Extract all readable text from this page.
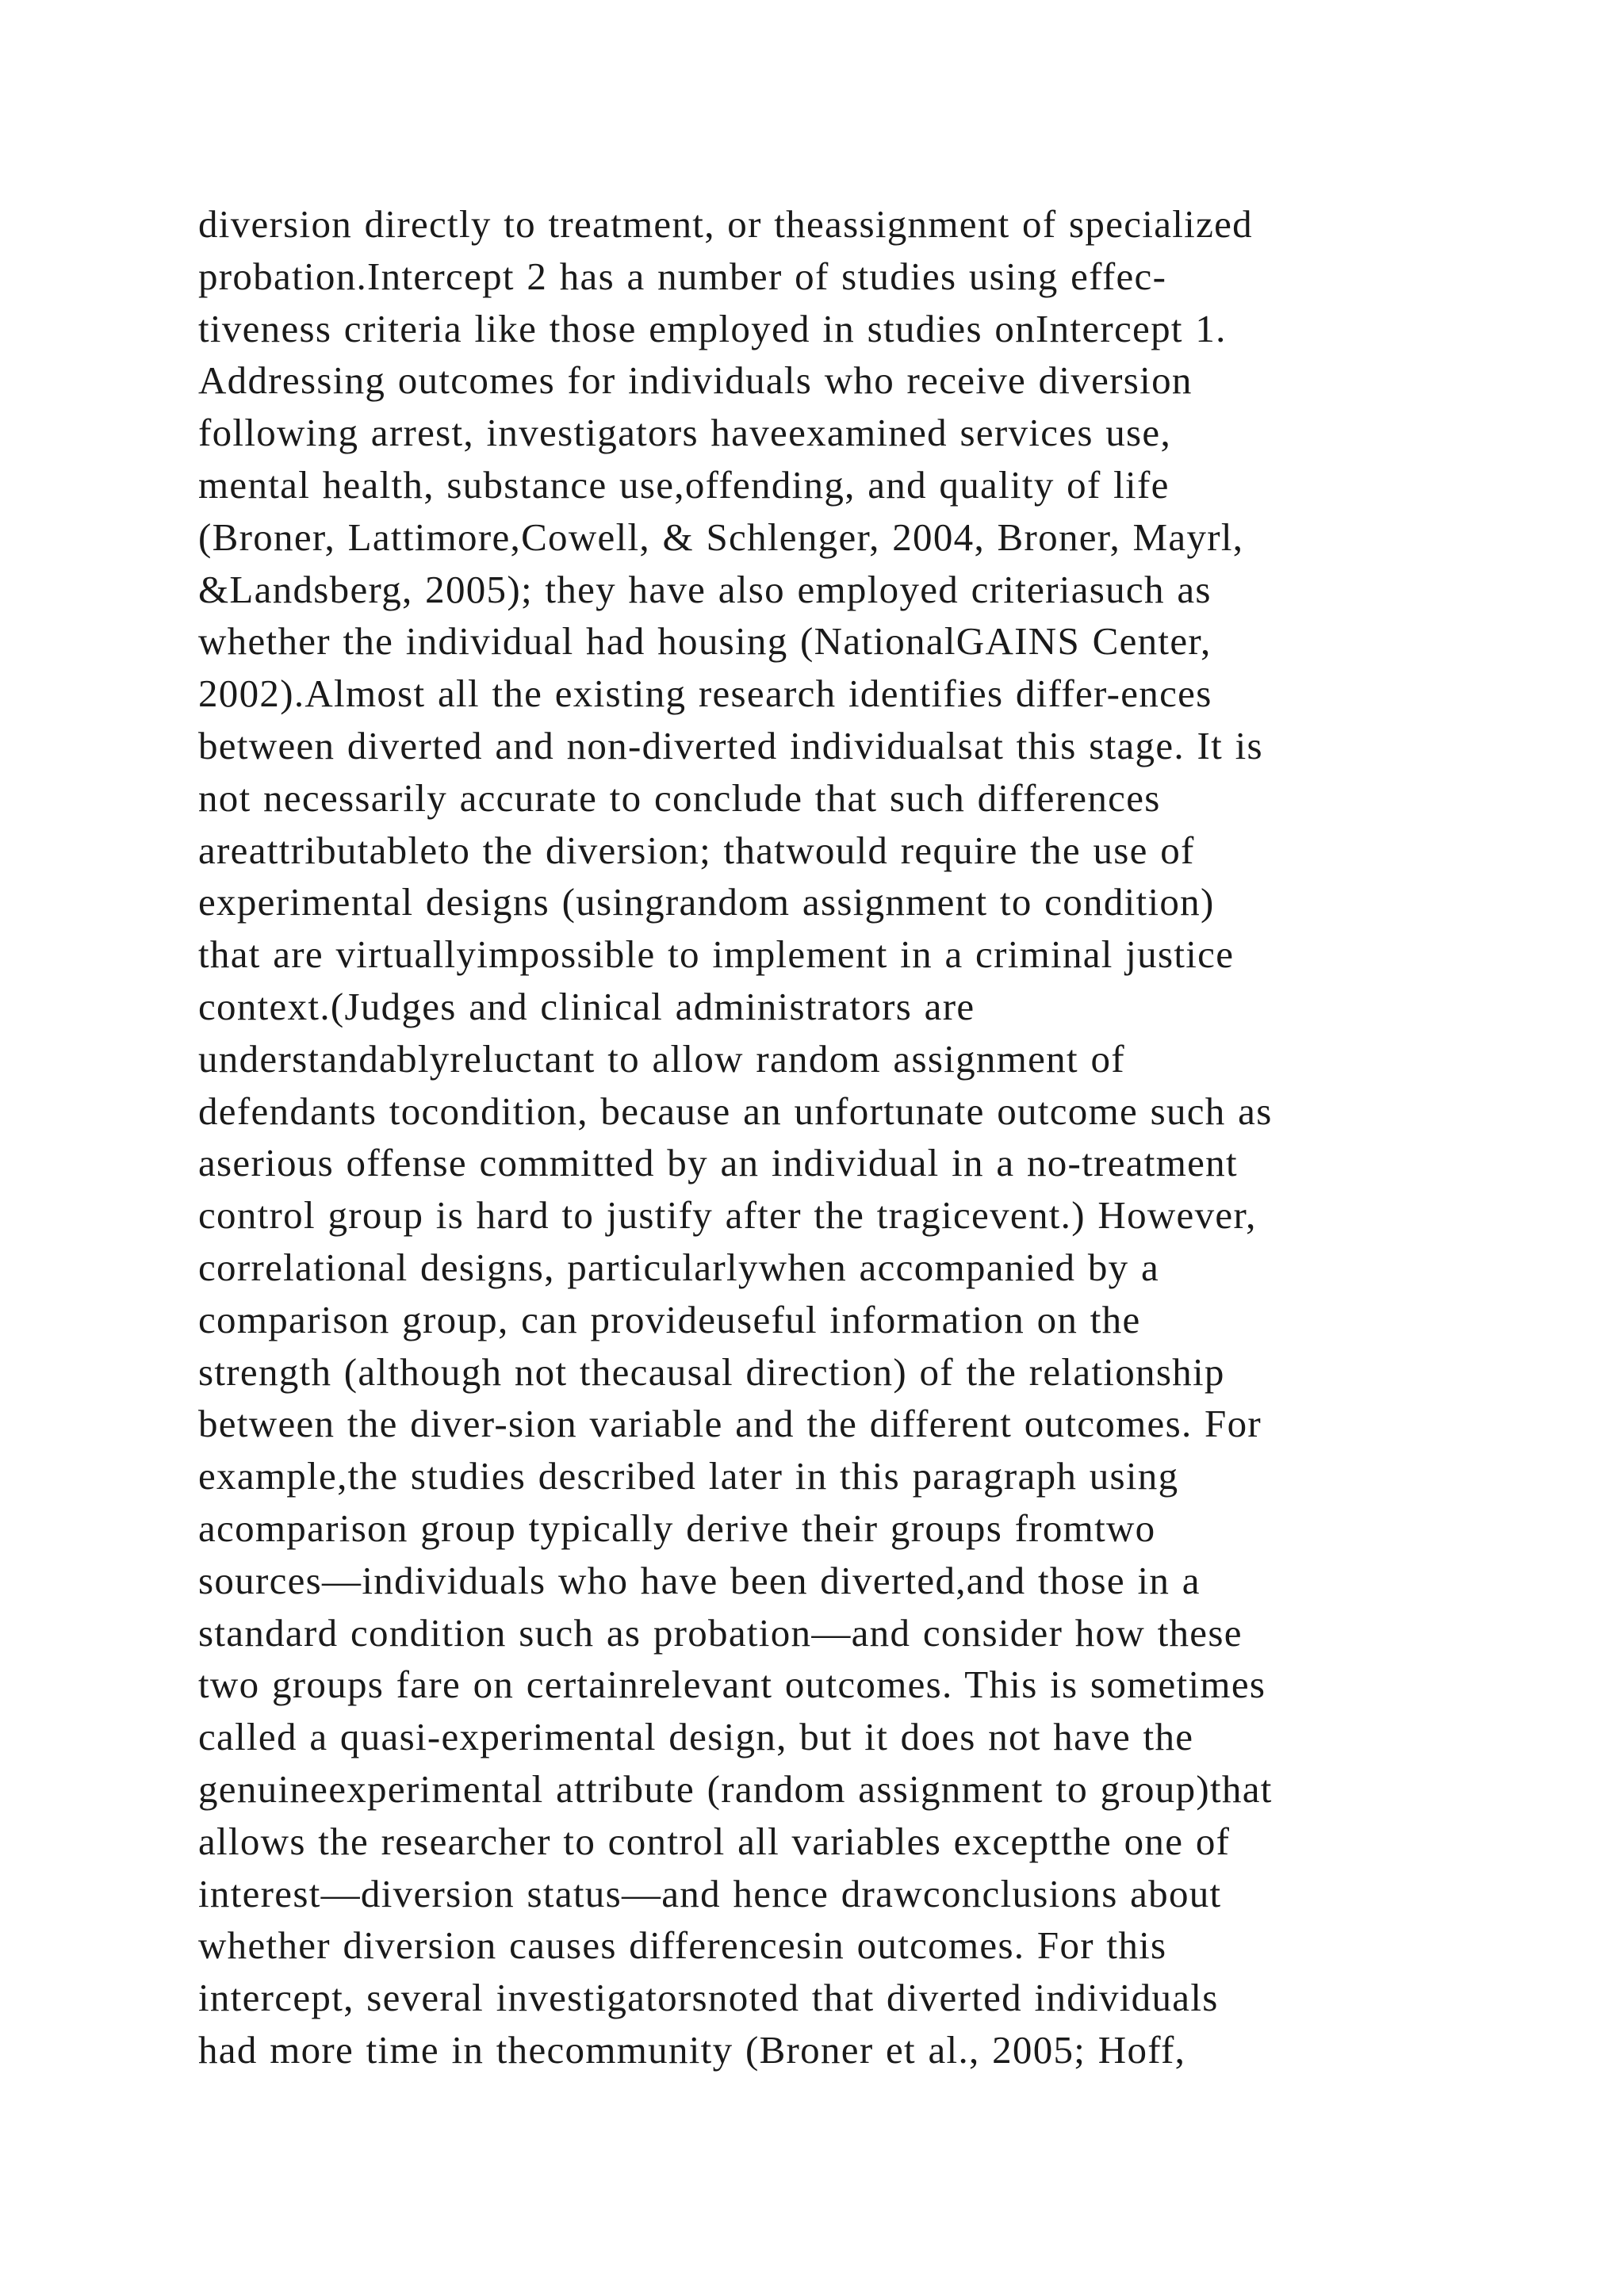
diversion directly to treatment, or theassignment of specialized
probation.Intercept 2 has a number of studies using effec-
tiveness criteria like those employed in studies onIntercept 1.
Addressing outcomes for individuals who receive diversion
following arrest, investigators haveexamined services use,
mental health, substance use,offending, and quality of life
(Broner, Lattimore,Cowell, & Schlenger, 2004, Broner, Mayrl,
&Landsberg, 2005); they have also employed criteriasuch as
whether the individual had housing (NationalGAINS Center,
2002).Almost all the existing research identifies differ-ences
between diverted and non-diverted individualsat this stage. It is
not necessarily accurate to conclude that such differences
areattributableto the diversion; thatwould require the use of
experimental designs (usingrandom assignment to condition)
that are virtuallyimpossible to implement in a criminal justice
context.(Judges and clinical administrators are
understandablyreluctant to allow random assignment of
defendants tocondition, because an unfortunate outcome such as
aserious offense committed by an individual in a no-treatment
control group is hard to justify after the tragicevent.) However,
correlational designs, particularlywhen accompanied by a
comparison group, can provideuseful information on the
strength (although not thecausal direction) of the relationship
between the diver-sion variable and the different outcomes. For
example,the studies described later in this paragraph using
acomparison group typically derive their groups fromtwo
sources—individuals who have been diverted,and those in a
standard condition such as probation—and consider how these
two groups fare on certainrelevant outcomes. This is sometimes
called a quasi-experimental design, but it does not have the
genuineexperimental attribute (random assignment to group)that
allows the researcher to control all variables exceptthe one of
interest—diversion status—and hence drawconclusions about
whether diversion causes differencesin outcomes. For this
intercept, several investigatorsnoted that diverted individuals
had more time in thecommunity (Broner et al., 2005; Hoff,
